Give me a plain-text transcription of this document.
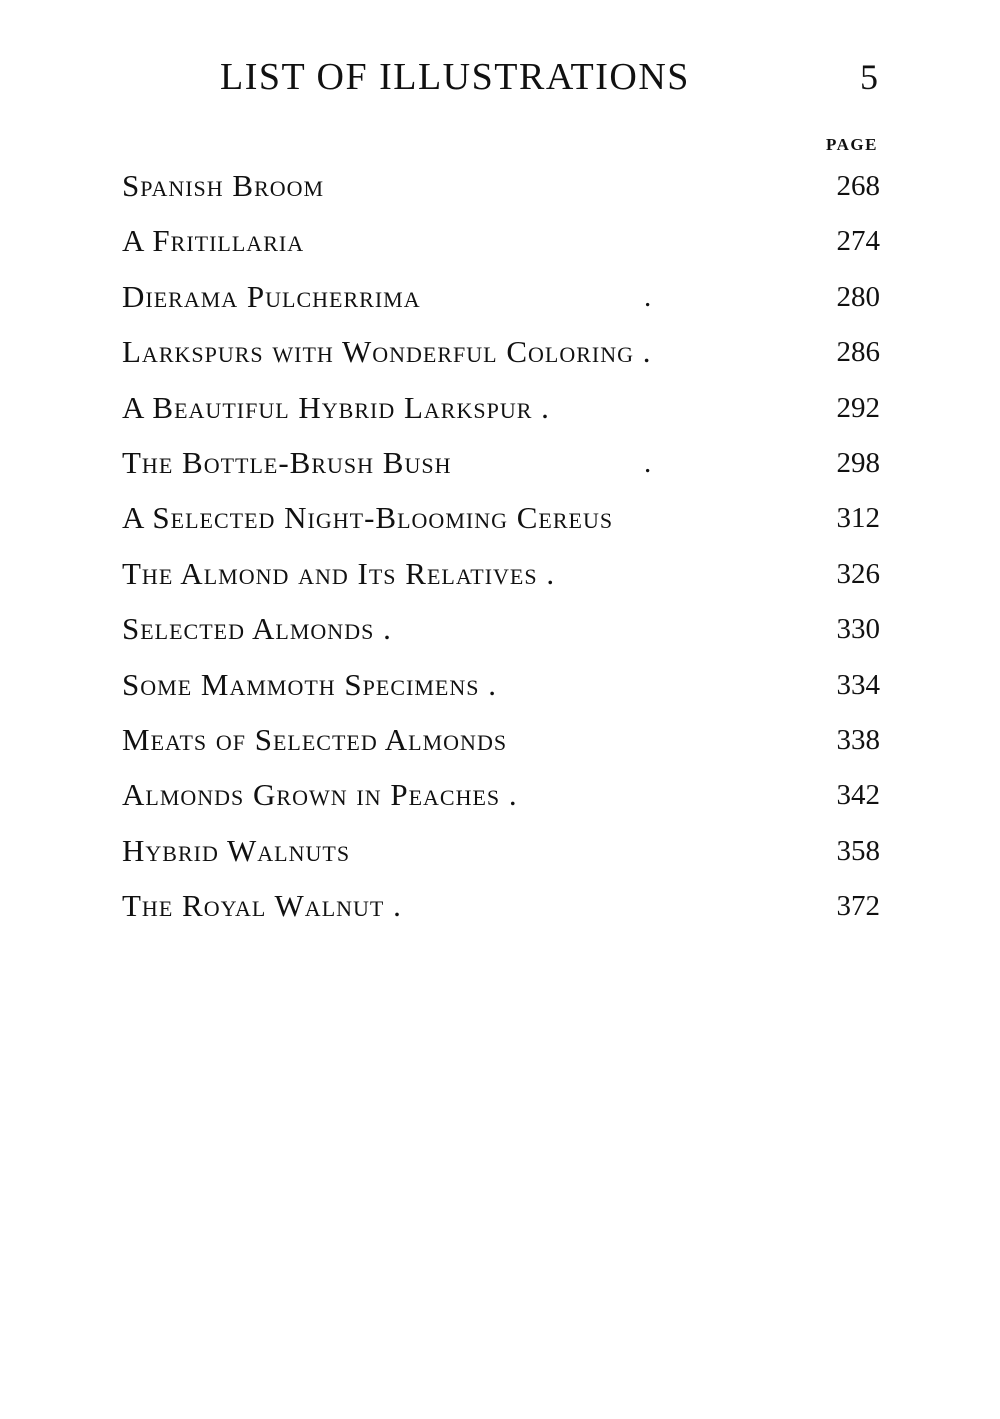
LIST OF ILLUSTRATIONS	5
PAGE
Spanish Broom	268
A Fritillaria	274
Dierama Pulcherrima	.	280
Larkspurs with Wonderful Coloring .	286
A Beautiful Hybrid Larkspur .	292
The Bottle-Brush Bush	.	298
A Selected Night-Blooming Cereus	312
The Almond and Its Relatives .	326
Selected Almonds .	330
Some Mammoth Specimens .	334
Meats of Selected Almonds	338
Almonds Grown in Peaches .	342
Hybrid Walnuts	358
The Royal Walnut .	372
